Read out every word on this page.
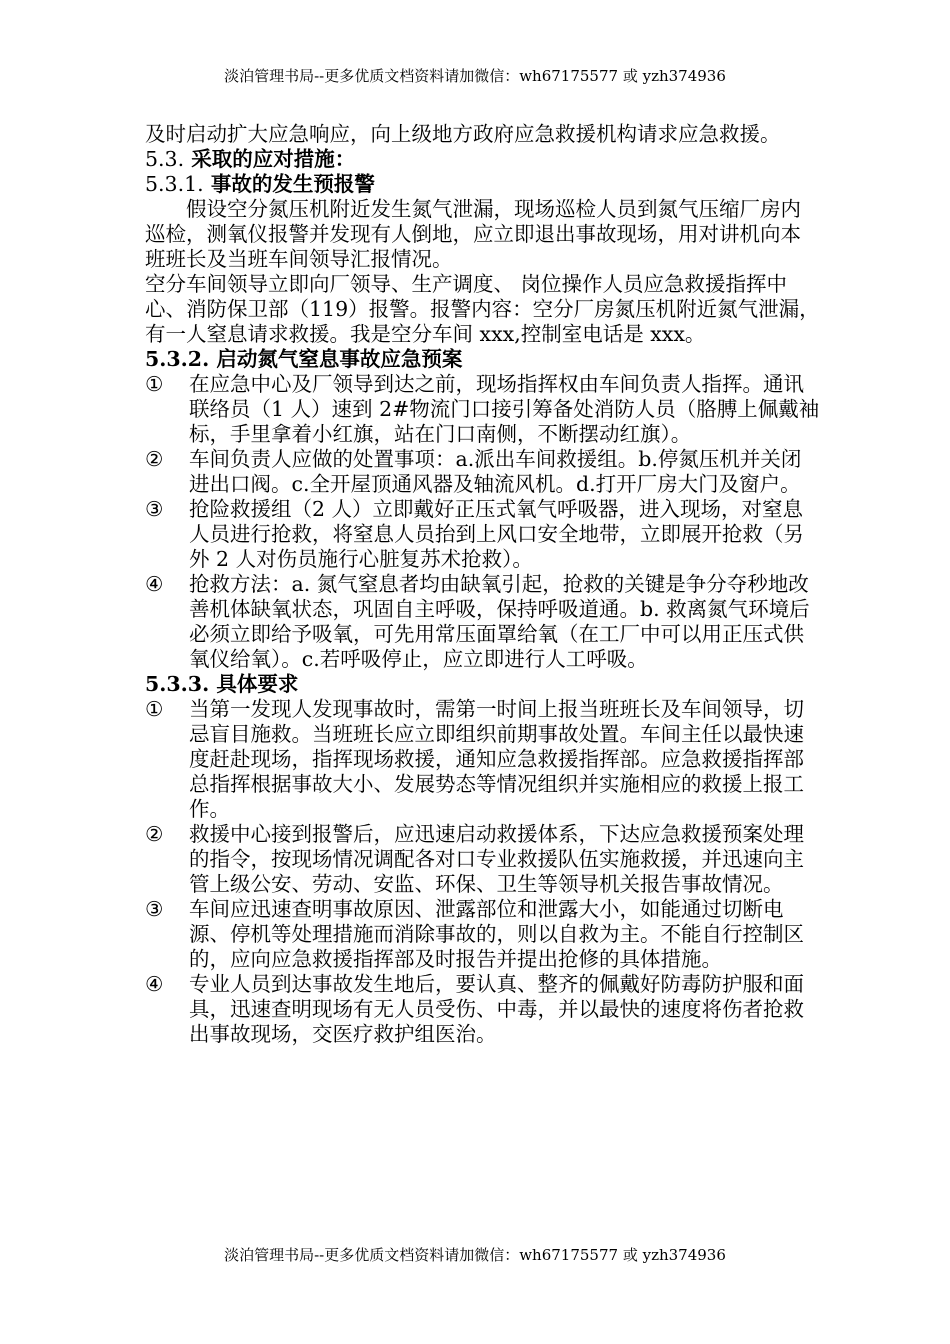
淡泊管理书局--更多优质文档资料请加微信：wh67175577 或 yzh374936

及时启动扩大应急响应，向上级地方政府应急救援机构请求应急救援。

5.3. 采取的应对措施：

5.3.1. 事故的发生预报警

假设空分氮压机附近发生氮气泄漏，现场巡检人员到氮气压缩厂房内巡检，测氧仪报警并发现有人倒地，应立即退出事故现场，用对讲机向本班班长及当班车间领导汇报情况。

空分车间领导立即向厂领导、生产调度、 岗位操作人员应急救援指挥中心、消防保卫部（119）报警。报警内容：空分厂房氮压机附近氮气泄漏，有一人窒息请求救援。我是空分车间 xxx,控制室电话是 xxx。

5.3.2. 启动氮气窒息事故应急预案

①	在应急中心及厂领导到达之前，现场指挥权由车间负责人指挥。通讯联络员（1 人）速到 2#物流门口接引筹备处消防人员（胳膊上佩戴袖标，手里拿着小红旗，站在门口南侧，不断摆动红旗）。
②	车间负责人应做的处置事项：a.派出车间救援组。b.停氮压机并关闭进出口阀。c.全开屋顶通风器及轴流风机。d.打开厂房大门及窗户。
③	抢险救援组（2 人）立即戴好正压式氧气呼吸器，进入现场，对窒息人员进行抢救，将窒息人员抬到上风口安全地带，立即展开抢救（另外 2 人对伤员施行心脏复苏术抢救）。
④	抢救方法：a. 氮气窒息者均由缺氧引起，抢救的关键是争分夺秒地改善机体缺氧状态，巩固自主呼吸，保持呼吸道通。b. 救离氮气环境后必须立即给予吸氧，可先用常压面罩给氧（在工厂中可以用正压式供氧仪给氧）。c.若呼吸停止，应立即进行人工呼吸。

5.3.3. 具体要求

①	当第一发现人发现事故时，需第一时间上报当班班长及车间领导，切忌盲目施救。当班班长应立即组织前期事故处置。车间主任以最快速度赶赴现场，指挥现场救援，通知应急救援指挥部。应急救援指挥部总指挥根据事故大小、发展势态等情况组织并实施相应的救援上报工作。
②	救援中心接到报警后，应迅速启动救援体系，下达应急救援预案处理的指令，按现场情况调配各对口专业救援队伍实施救援，并迅速向主管上级公安、劳动、安监、环保、卫生等领导机关报告事故情况。
③	车间应迅速查明事故原因、泄露部位和泄露大小，如能通过切断电源、停机等处理措施而消除事故的，则以自救为主。不能自行控制区的，应向应急救援指挥部及时报告并提出抢修的具体措施。
④	专业人员到达事故发生地后，要认真、整齐的佩戴好防毒防护服和面具，迅速查明现场有无人员受伤、中毒，并以最快的速度将伤者抢救出事故现场，交医疗救护组医治。
淡泊管理书局--更多优质文档资料请加微信：wh67175577 或 yzh374936
